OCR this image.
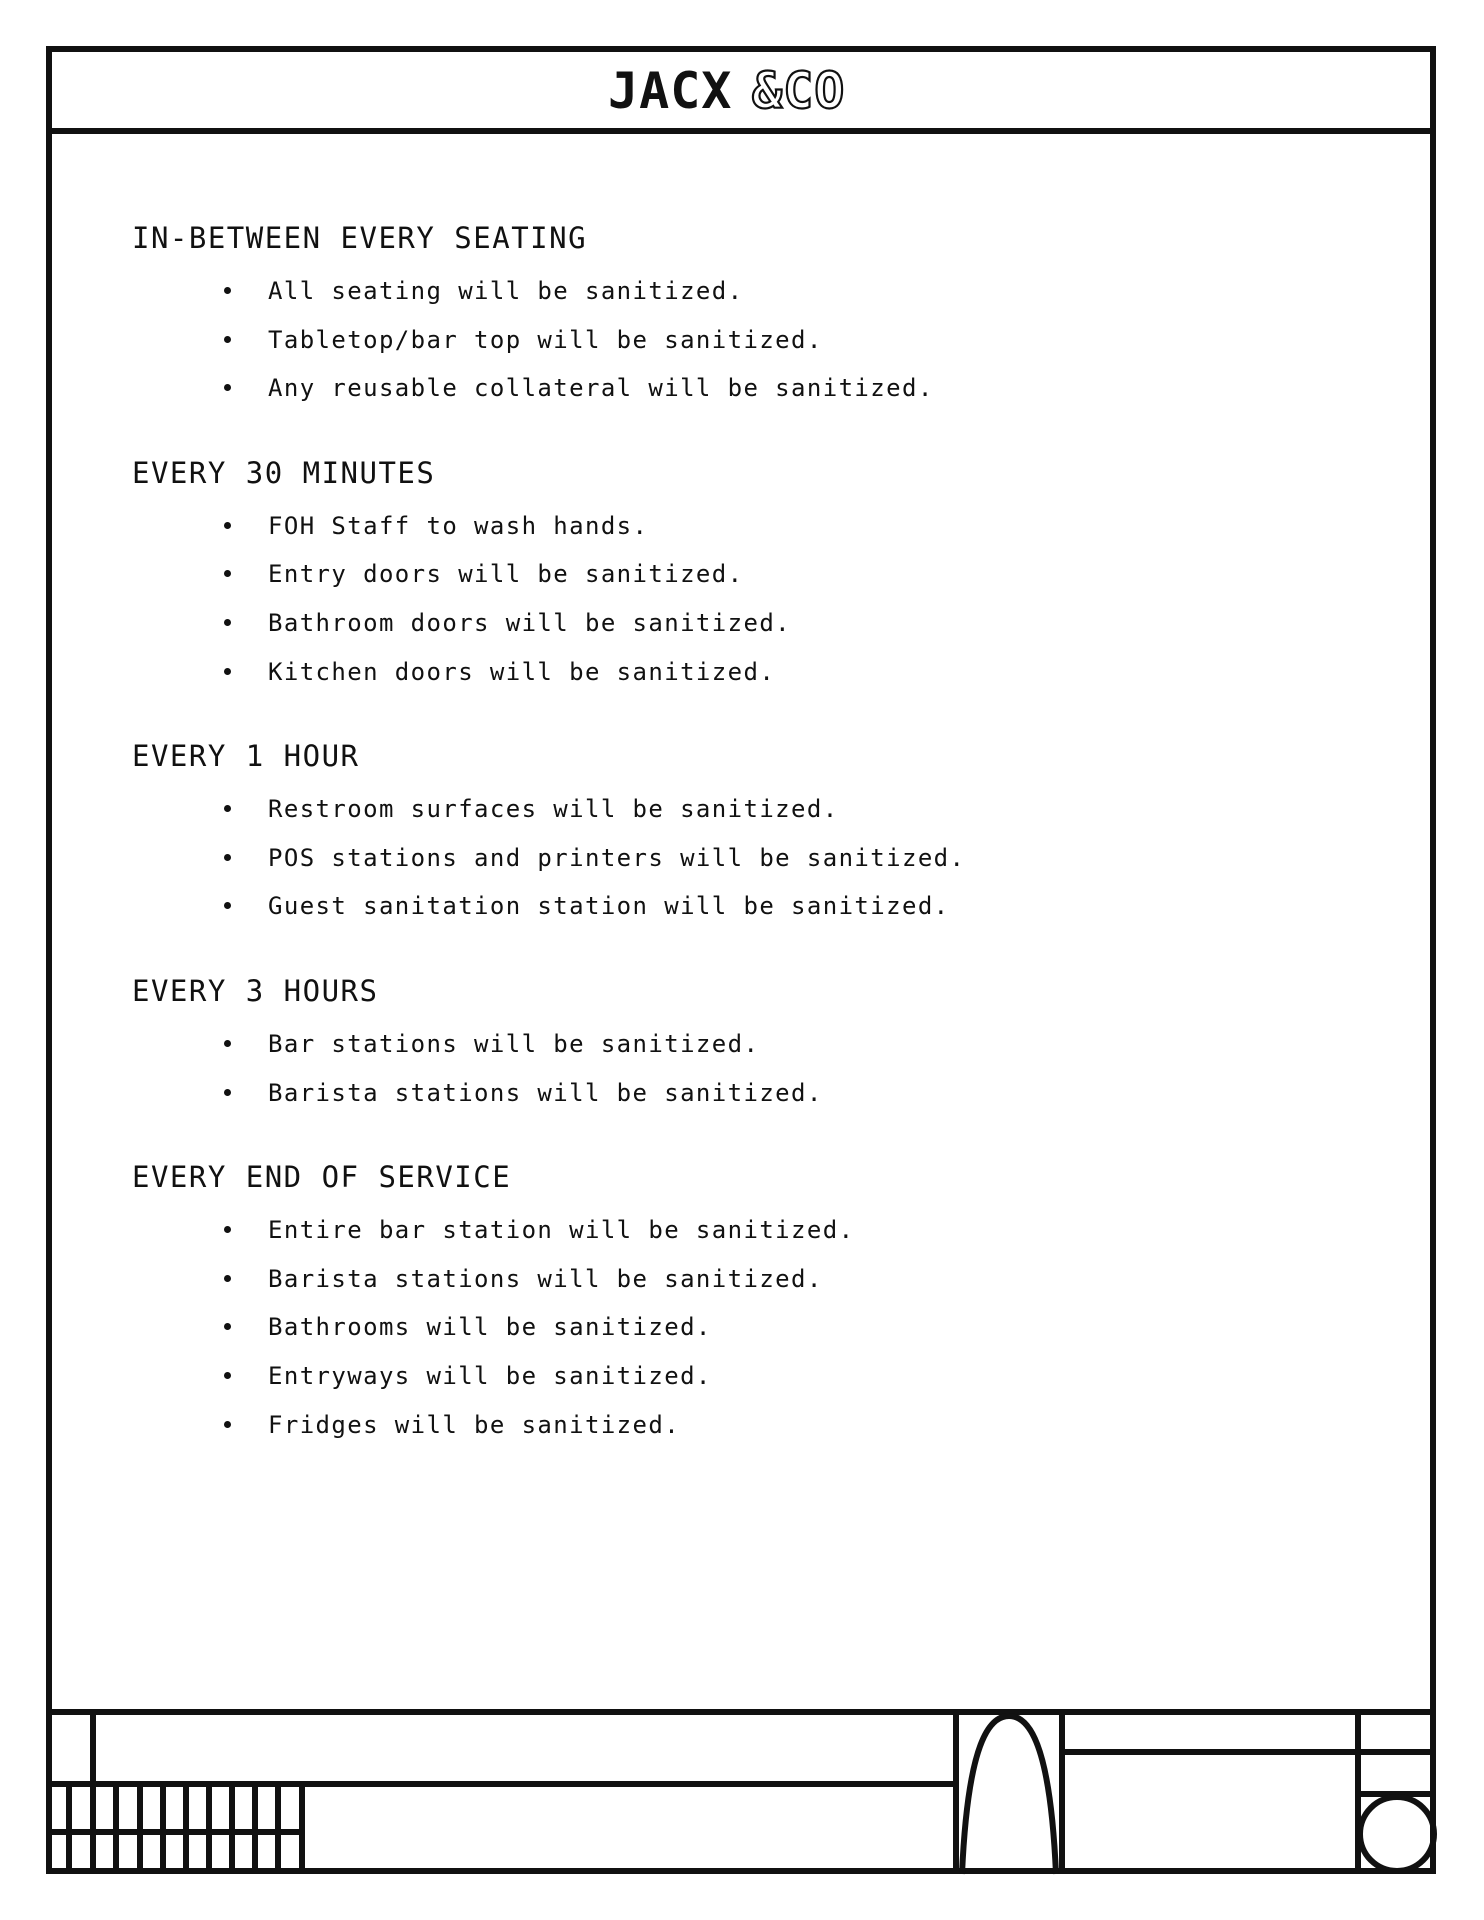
JACX &CO
IN-BETWEEN EVERY SEATING
All seating will be sanitized.
Tabletop/bar top will be sanitized.
Any reusable collateral will be sanitized.
EVERY 30 MINUTES
FOH Staff to wash hands.
Entry doors will be sanitized.
Bathroom doors will be sanitized.
Kitchen doors will be sanitized.
EVERY 1 HOUR
Restroom surfaces will be sanitized.
POS stations and printers will be sanitized.
Guest sanitation station will be sanitized.
EVERY 3 HOURS
Bar stations will be sanitized.
Barista stations will be sanitized.
EVERY END OF SERVICE
Entire bar station will be sanitized.
Barista stations will be sanitized.
Bathrooms will be sanitized.
Entryways will be sanitized.
Fridges will be sanitized.
